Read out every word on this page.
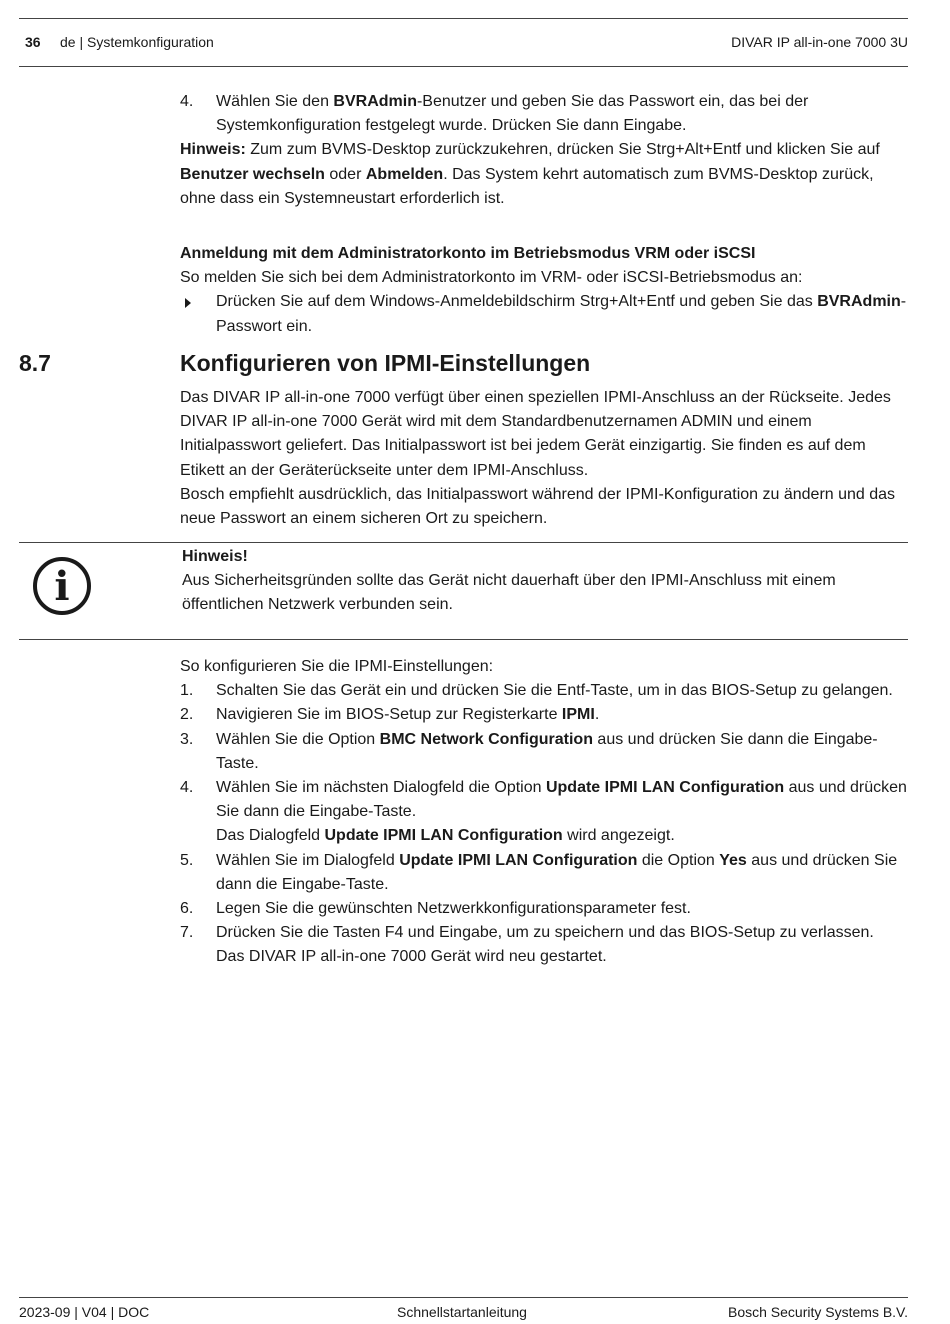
36 de | Systemkonfiguration	DIVAR IP all-in-one 7000 3U
4. Wählen Sie den BVRAdmin-Benutzer und geben Sie das Passwort ein, das bei der Systemkonfiguration festgelegt wurde. Drücken Sie dann Eingabe.

Hinweis: Zum zum BVMS-Desktop zurückzukehren, drücken Sie Strg+Alt+Entf und klicken Sie auf Benutzer wechseln oder Abmelden. Das System kehrt automatisch zum BVMS-Desktop zurück, ohne dass ein Systemneustart erforderlich ist.

Anmeldung mit dem Administratorkonto im Betriebsmodus VRM oder iSCSI

So melden Sie sich bei dem Administratorkonto im VRM- oder iSCSI-Betriebsmodus an:

Drücken Sie auf dem Windows-Anmeldebildschirm Strg+Alt+Entf und geben Sie das BVRAdmin-Passwort ein.
8.7	Konfigurieren von IPMI-Einstellungen

Das DIVAR IP all-in-one 7000 verfügt über einen speziellen IPMI-Anschluss an der Rückseite. Jedes DIVAR IP all-in-one 7000 Gerät wird mit dem Standardbenutzernamen ADMIN und einem Initialpasswort geliefert. Das Initialpasswort ist bei jedem Gerät einzigartig. Sie finden es auf dem Etikett an der Geräterückseite unter dem IPMI-Anschluss.

Bosch empfiehlt ausdrücklich, das Initialpasswort während der IPMI-Konfiguration zu ändern und das neue Passwort an einem sicheren Ort zu speichern.

i

Hinweis!

Aus Sicherheitsgründen sollte das Gerät nicht dauerhaft über den IPMI-Anschluss mit einem öffentlichen Netzwerk verbunden sein.

So konfigurieren Sie die IPMI-Einstellungen:

1. Schalten Sie das Gerät ein und drücken Sie die Entf-Taste, um in das BIOS-Setup zu gelangen.
2. Navigieren Sie im BIOS-Setup zur Registerkarte IPMI.
3. Wählen Sie die Option BMC Network Configuration aus und drücken Sie dann die Eingabe-Taste.
4. Wählen Sie im nächsten Dialogfeld die Option Update IPMI LAN Configuration aus und drücken Sie dann die Eingabe-Taste.
Das Dialogfeld Update IPMI LAN Configuration wird angezeigt.
5. Wählen Sie im Dialogfeld Update IPMI LAN Configuration die Option Yes aus und drücken Sie dann die Eingabe-Taste.
6. Legen Sie die gewünschten Netzwerkkonfigurationsparameter fest.
7. Drücken Sie die Tasten F4 und Eingabe, um zu speichern und das BIOS-Setup zu verlassen.
Das DIVAR IP all-in-one 7000 Gerät wird neu gestartet.
2023-09 | V04 | DOC	Schnellstartanleitung	Bosch Security Systems B.V.
